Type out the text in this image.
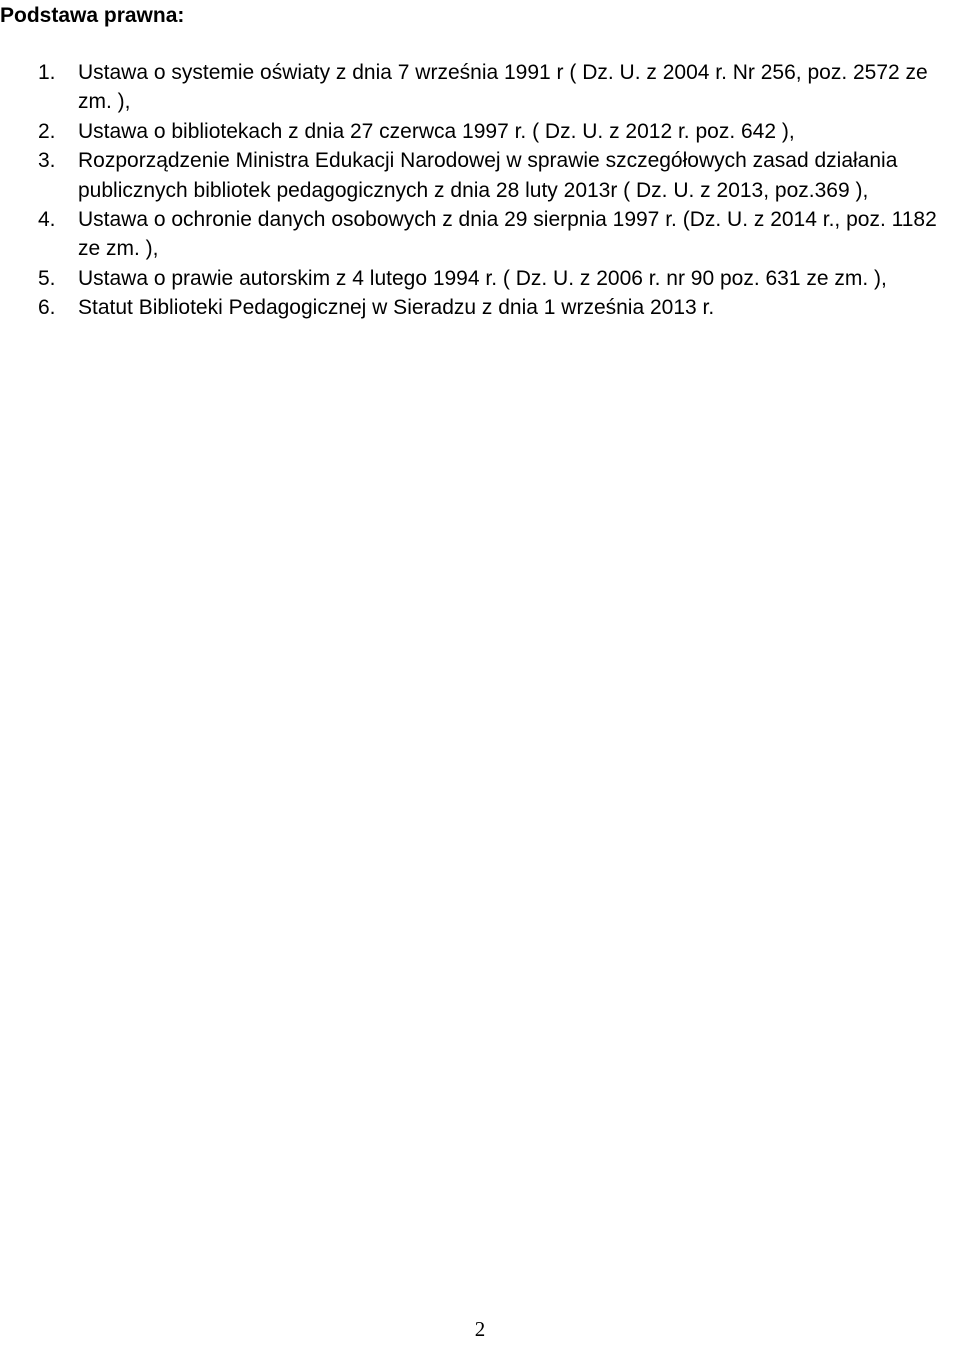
Podstawa prawna:
1. Ustawa o systemie oświaty z dnia 7 września 1991 r ( Dz. U. z 2004 r. Nr 256, poz. 2572 ze zm. ),
2. Ustawa o bibliotekach z dnia 27 czerwca 1997 r. ( Dz. U. z 2012 r. poz. 642 ),
3. Rozporządzenie Ministra Edukacji Narodowej w sprawie szczegółowych zasad działania publicznych bibliotek pedagogicznych z dnia 28 luty 2013r ( Dz. U. z 2013, poz.369 ),
4. Ustawa o ochronie danych osobowych z dnia 29 sierpnia 1997 r. (Dz. U. z 2014 r., poz. 1182 ze zm. ),
5. Ustawa o prawie autorskim z 4 lutego 1994 r. ( Dz. U. z 2006 r. nr 90 poz. 631 ze zm. ),
6. Statut Biblioteki Pedagogicznej w Sieradzu z dnia 1 września 2013 r.
2
